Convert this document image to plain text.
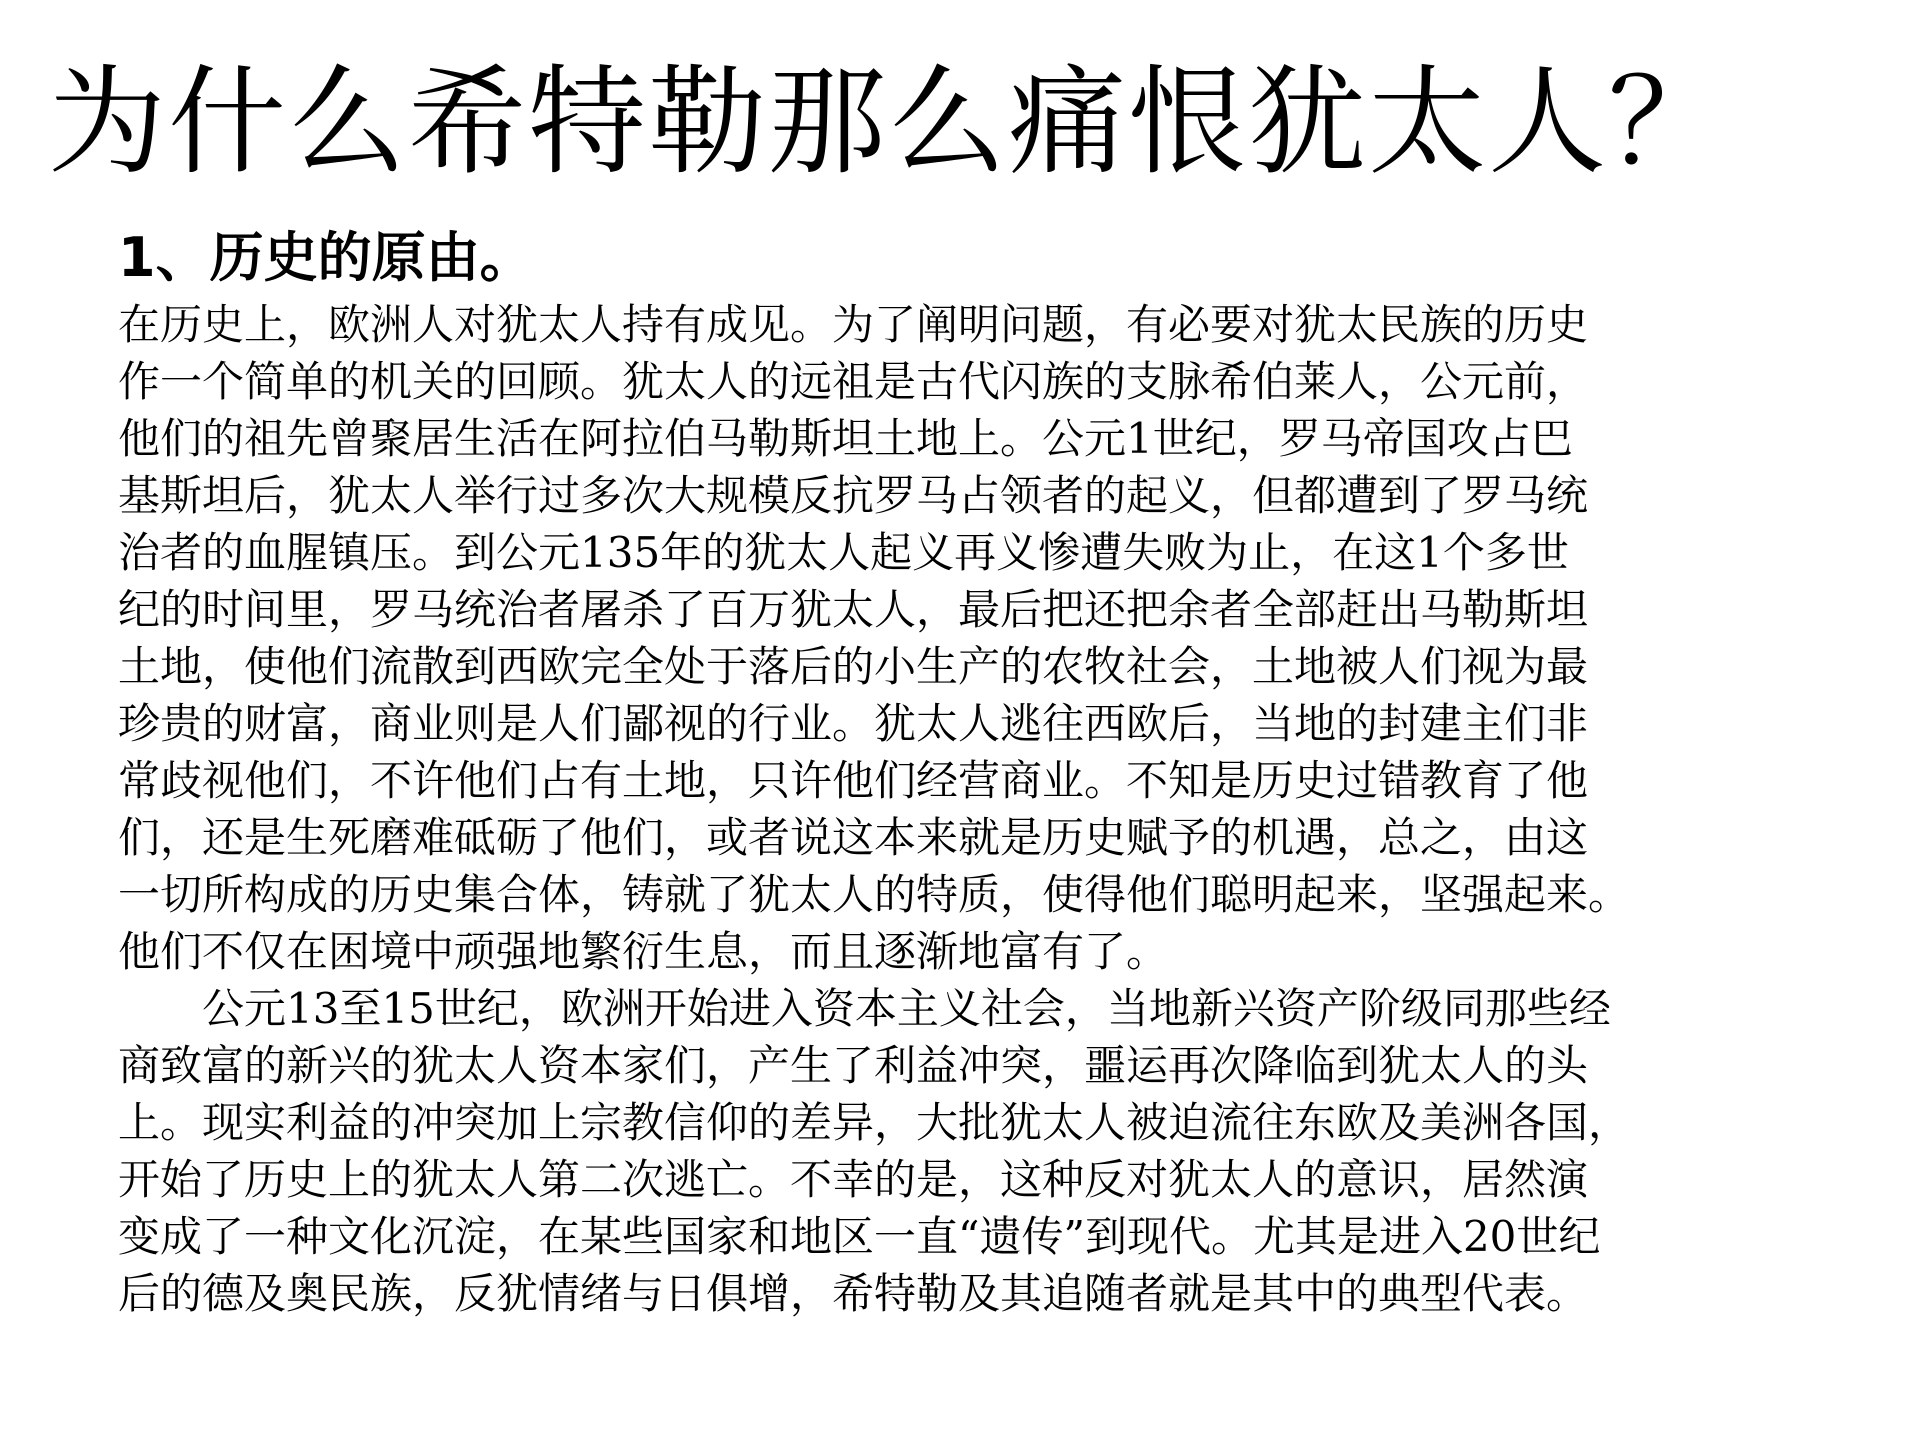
为什么希特勒那么痛恨犹太人？
1、历史的原由。
在历史上，欧洲人对犹太人持有成见。为了阐明问题，有必要对犹太民族的历史
作一个简单的机关的回顾。犹太人的远祖是古代闪族的支脉希伯莱人，公元前，
他们的祖先曾聚居生活在阿拉伯马勒斯坦土地上。公元1世纪，罗马帝国攻占巴
基斯坦后，犹太人举行过多次大规模反抗罗马占领者的起义，但都遭到了罗马统
治者的血腥镇压。到公元135年的犹太人起义再义惨遭失败为止，在这1个多世
纪的时间里，罗马统治者屠杀了百万犹太人，最后把还把余者全部赶出马勒斯坦
土地，使他们流散到西欧完全处于落后的小生产的农牧社会，土地被人们视为最
珍贵的财富，商业则是人们鄙视的行业。犹太人逃往西欧后，当地的封建主们非
常歧视他们，不许他们占有土地，只许他们经营商业。不知是历史过错教育了他
们，还是生死磨难砥砺了他们，或者说这本来就是历史赋予的机遇，总之，由这
一切所构成的历史集合体，铸就了犹太人的特质，使得他们聪明起来，坚强起来。
他们不仅在困境中顽强地繁衍生息，而且逐渐地富有了。
　　公元13至15世纪，欧洲开始进入资本主义社会，当地新兴资产阶级同那些经
商致富的新兴的犹太人资本家们，产生了利益冲突，噩运再次降临到犹太人的头
上。现实利益的冲突加上宗教信仰的差异，大批犹太人被迫流往东欧及美洲各国，
开始了历史上的犹太人第二次逃亡。不幸的是，这种反对犹太人的意识，居然演
变成了一种文化沉淀，在某些国家和地区一直“遗传”到现代。尤其是进入20世纪
后的德及奥民族，反犹情绪与日俱增，希特勒及其追随者就是其中的典型代表。
